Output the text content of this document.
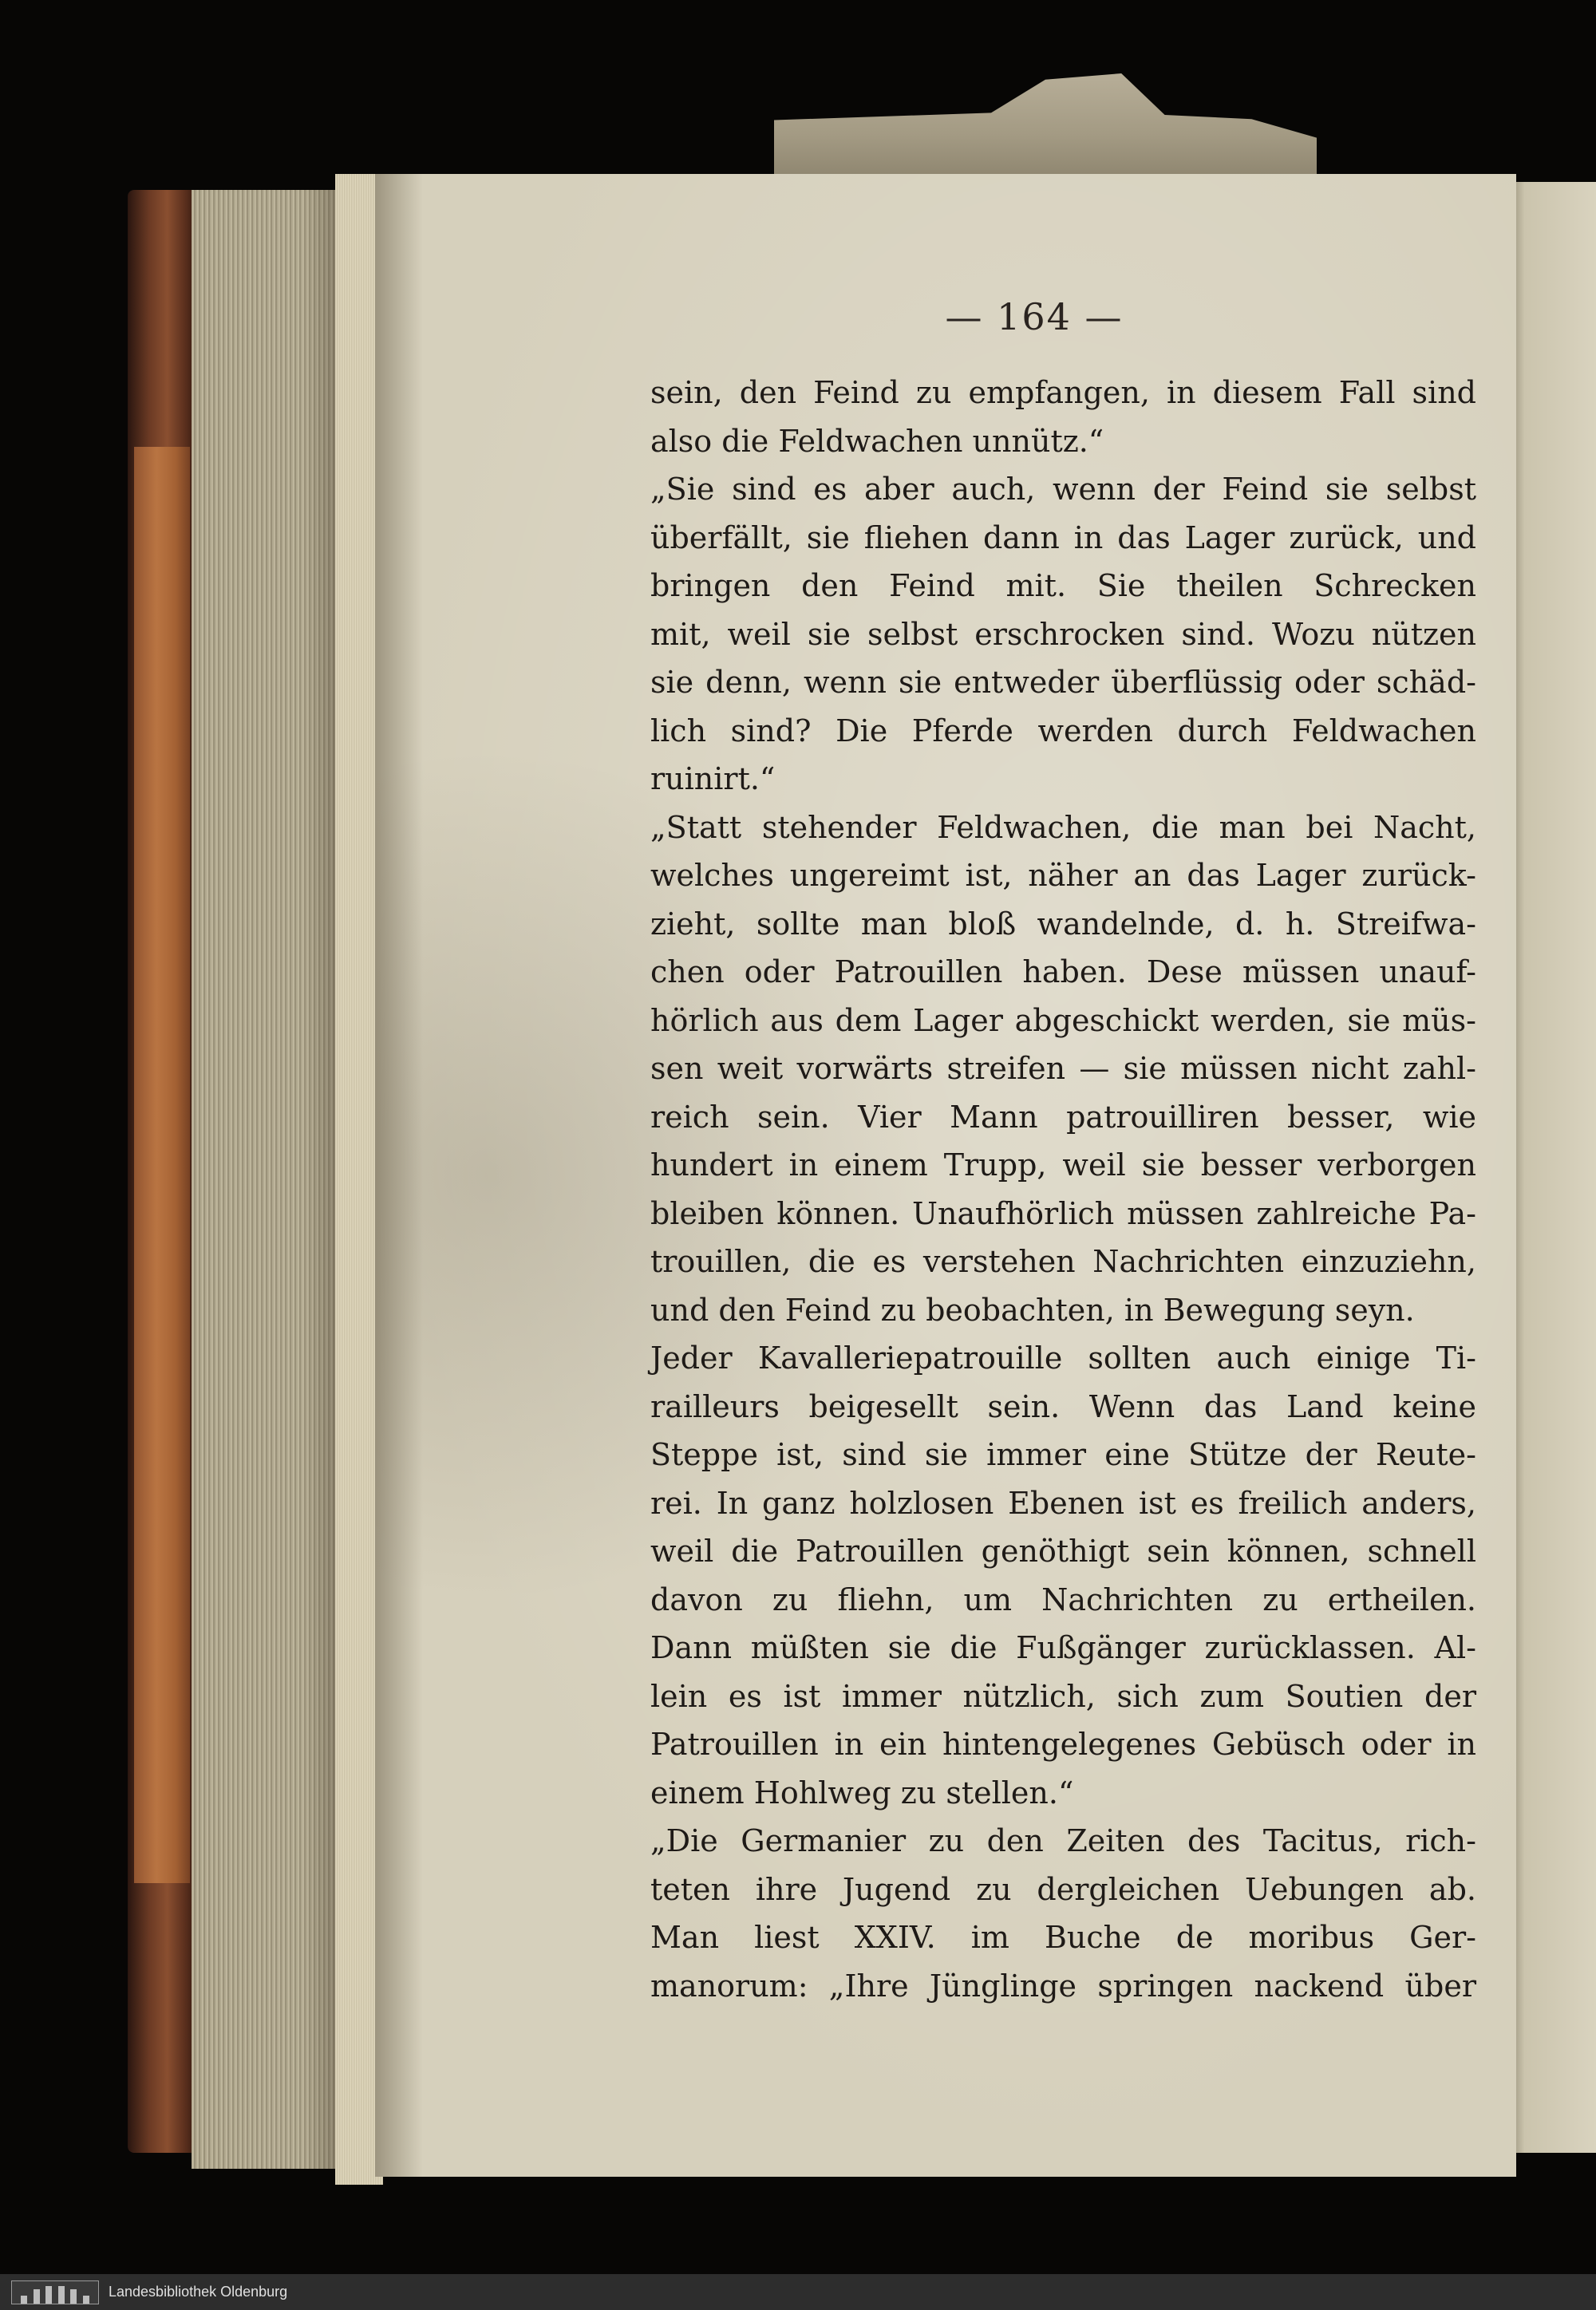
— 164 —
sein, den Feind zu empfangen, in diesem Fall sind
also die Feldwachen unnütz.“
„Sie sind es aber auch, wenn der Feind sie selbst
überfällt, sie fliehen dann in das Lager zurück, und
bringen den Feind mit. Sie theilen Schrecken
mit, weil sie selbst erschrocken sind. Wozu nützen
sie denn, wenn sie entweder überflüssig oder schäd-
lich sind? Die Pferde werden durch Feldwachen
ruinirt.“
„Statt stehender Feldwachen, die man bei Nacht,
welches ungereimt ist, näher an das Lager zurück-
zieht, sollte man bloß wandelnde, d. h. Streifwa-
chen oder Patrouillen haben. Dese müssen unauf-
hörlich aus dem Lager abgeschickt werden, sie müs-
sen weit vorwärts streifen — sie müssen nicht zahl-
reich sein. Vier Mann patrouilliren besser, wie
hundert in einem Trupp, weil sie besser verborgen
bleiben können. Unaufhörlich müssen zahlreiche Pa-
trouillen, die es verstehen Nachrichten einzuziehn,
und den Feind zu beobachten, in Bewegung seyn.
Jeder Kavalleriepatrouille sollten auch einige Ti-
railleurs beigesellt sein. Wenn das Land keine
Steppe ist, sind sie immer eine Stütze der Reute-
rei. In ganz holzlosen Ebenen ist es freilich anders,
weil die Patrouillen genöthigt sein können, schnell
davon zu fliehn, um Nachrichten zu ertheilen.
Dann müßten sie die Fußgänger zurücklassen. Al-
lein es ist immer nützlich, sich zum Soutien der
Patrouillen in ein hintengelegenes Gebüsch oder in
einem Hohlweg zu stellen.“
„Die Germanier zu den Zeiten des Tacitus, rich-
teten ihre Jugend zu dergleichen Uebungen ab.
Man liest XXIV. im Buche de moribus Ger-
manorum: „Ihre Jünglinge springen nackend über
Landesbibliothek Oldenburg
